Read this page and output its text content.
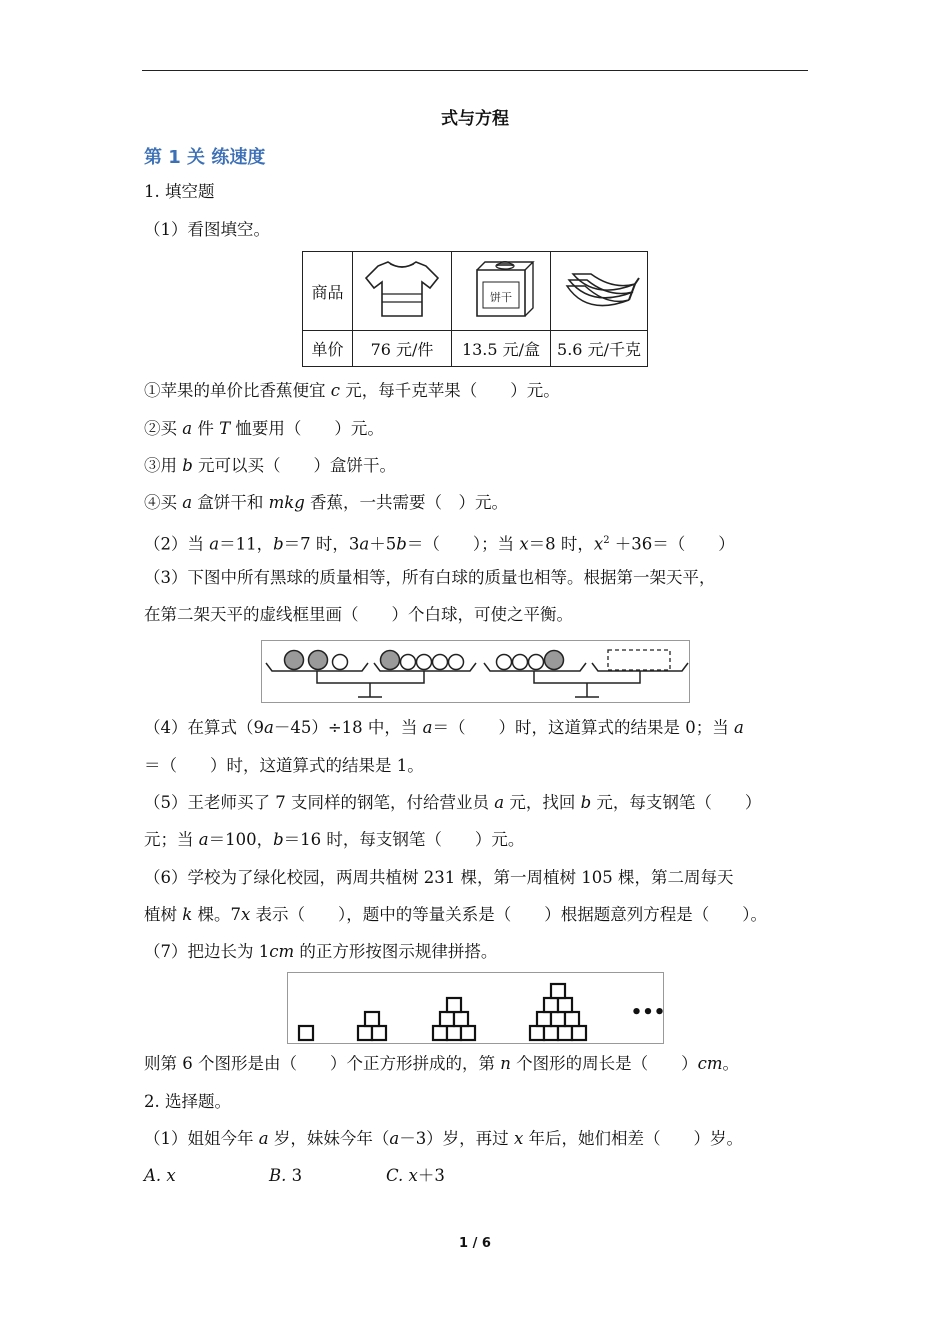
式与方程
第 1 关 练速度
1. 填空题
（1）看图填空。
商品		饼干

单价	76 元/件	13.5 元/盒	5.6 元/千克
①苹果的单价比香蕉便宜 c 元，每千克苹果（　　）元。
②买 a 件 T 恤要用（　　）元。
③用 b 元可以买（　　）盒饼干。
④买 a 盒饼干和 mkg 香蕉，一共需要（　）元。
（2）当 a＝11，b＝7 时，3a＋5b＝（　　）；当 x＝8 时，$x^2 +36=$（　　）
（3）下图中所有黑球的质量相等，所有白球的质量也相等。根据第一架天平，
在第二架天平的虚线框里画（　　）个白球，可使之平衡。
（4）在算式（9a－45）÷18 中，当 a＝（　　）时，这道算式的结果是 0；当 a
＝（　　）时，这道算式的结果是 1。
（5）王老师买了 7 支同样的钢笔，付给营业员 a 元，找回 b 元，每支钢笔（　　）
元；当 a＝100，b＝16 时，每支钢笔（　　）元。
（6）学校为了绿化校园，两周共植树 231 棵，第一周植树 105 棵，第二周每天
植树 k 棵。7x 表示（　　），题中的等量关系是（　　）根据题意列方程是（　　）。
（7）把边长为 1cm 的正方形按图示规律拼搭。
•••
则第 6 个图形是由（　　）个正方形拼成的，第 n 个图形的周长是（　　）cm。
2. 选择题。
（1）姐姐今年 a 岁，妹妹今年（a－3）岁，再过 x 年后，她们相差（　　）岁。
A. x	B. 3	C. x＋3
1 / 6
